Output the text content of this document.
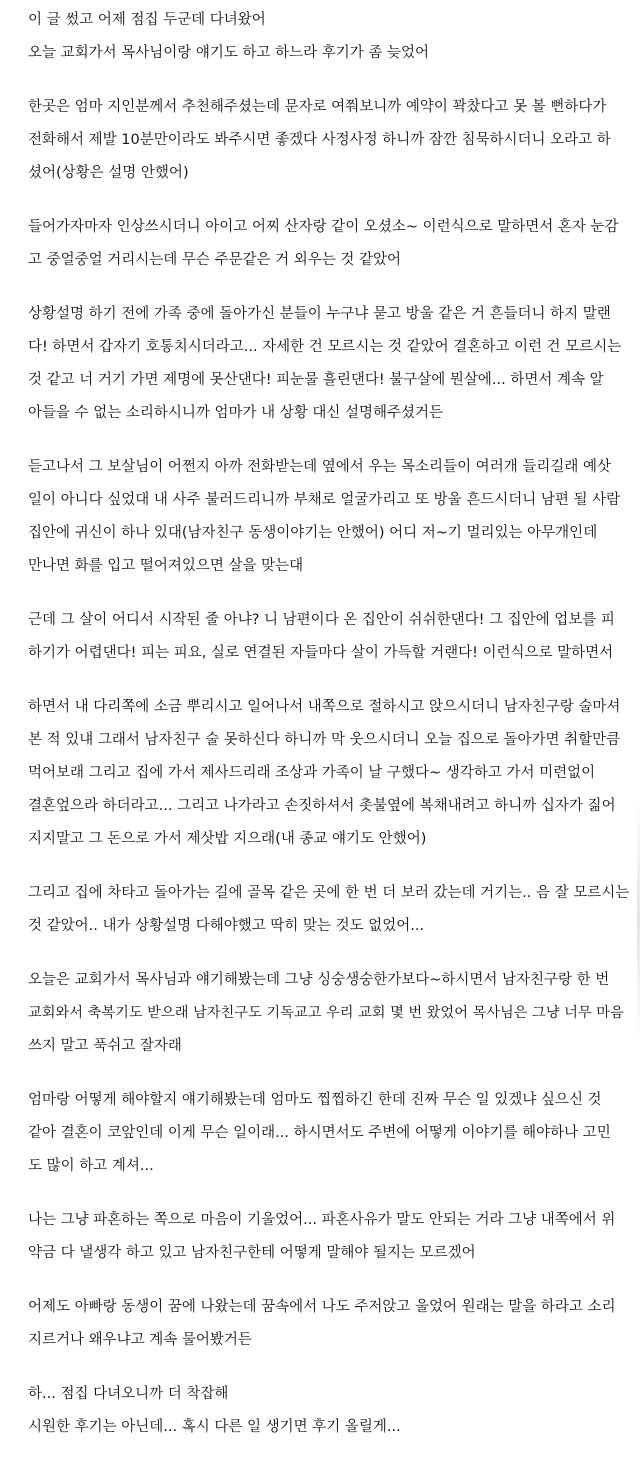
이 글 썼고 어제 점집 두군데 다녀왔어
오늘 교회가서 목사님이랑 얘기도 하고 하느라 후기가 좀 늦었어
한곳은 엄마 지인분께서 추천해주셨는데 문자로 여쭤보니까 예약이 꽉찼다고 못 볼 뻔하다가
전화해서 제발 10분만이라도 봐주시면 좋겠다 사정사정 하니까 잠깐 침묵하시더니 오라고 하
셨어(상황은 설명 안했어)
들어가자마자 인상쓰시더니 아이고 어찌 산자랑 같이 오셨소~ 이런식으로 말하면서 혼자 눈감
고 중얼중얼 거리시는데 무슨 주문같은 거 외우는 것 같았어
상황설명 하기 전에 가족 중에 돌아가신 분들이 누구냐 묻고 방울 같은 거 흔들더니 하지 말랜
다! 하면서 갑자기 호통치시더라고... 자세한 건 모르시는 것 같았어 결혼하고 이런 건 모르시는
것 같고 너 거기 가면 제명에 못산댄다! 피눈물 흘린댄다! 불구살에 뭔살에... 하면서 계속 알
아들을 수 없는 소리하시니까 엄마가 내 상황 대신 설명해주셨거든
듣고나서 그 보살님이 어쩐지 아까 전화받는데 옆에서 우는 목소리들이 여러개 들리길래 예삿
일이 아니다 싶었대 내 사주 불러드리니까 부채로 얼굴가리고 또 방울 흔드시더니 남편 될 사람
집안에 귀신이 하나 있대(남자친구 동생이야기는 안했어) 어디 저~기 멀리있는 아무개인데
만나면 화를 입고 떨어져있으면 살을 맞는대
근데 그 살이 어디서 시작된 줄 아냐? 니 남편이다 온 집안이 쉬쉬한댄다! 그 집안에 업보를 피
하기가 어렵댄다! 피는 피요, 실로 연결된 자들마다 살이 가득할 거랜다! 이런식으로 말하면서
하면서 내 다리쪽에 소금 뿌리시고 일어나서 내쪽으로 절하시고 앉으시더니 남자친구랑 술마셔
본 적 있냬 그래서 남자친구 술 못하신다 하니까 막 웃으시더니 오늘 집으로 돌아가면 취할만큼
먹어보래 그리고 집에 가서 제사드리래 조상과 가족이 날 구했다~ 생각하고 가서 미련없이
결혼엎으라 하더라고... 그리고 나가라고 손짓하셔서 촛불옆에 복채내려고 하니까 십자가 짊어
지지말고 그 돈으로 가서 제삿밥 지으래(내 종교 얘기도 안했어)
그리고 집에 차타고 돌아가는 길에 골목 같은 곳에 한 번 더 보러 갔는데 거기는.. 음 잘 모르시는
것 같았어.. 내가 상황설명 다해야했고 딱히 맞는 것도 없었어...
오늘은 교회가서 목사님과 얘기해봤는데 그냥 싱숭생숭한가보다~하시면서 남자친구랑 한 번
교회와서 축복기도 받으래 남자친구도 기독교고 우리 교회 몇 번 왔었어 목사님은 그냥 너무 마음
쓰지 말고 푹쉬고 잘자래
엄마랑 어떻게 해야할지 얘기해봤는데 엄마도 찝찝하긴 한데 진짜 무슨 일 있겠냐 싶으신 것
같아 결혼이 코앞인데 이게 무슨 일이래... 하시면서도 주변에 어떻게 이야기를 해야하나 고민
도 많이 하고 계셔...
나는 그냥 파혼하는 쪽으로 마음이 기울었어... 파혼사유가 말도 안되는 거라 그냥 내쪽에서 위
약금 다 낼생각 하고 있고 남자친구한테 어떻게 말해야 될지는 모르겠어
어제도 아빠랑 동생이 꿈에 나왔는데 꿈속에서 나도 주저앉고 울었어 원래는 말을 하라고 소리
지르거나 왜우냐고 계속 물어봤거든
하... 점집 다녀오니까 더 착잡해
시원한 후기는 아닌데... 혹시 다른 일 생기면 후기 올릴게...
